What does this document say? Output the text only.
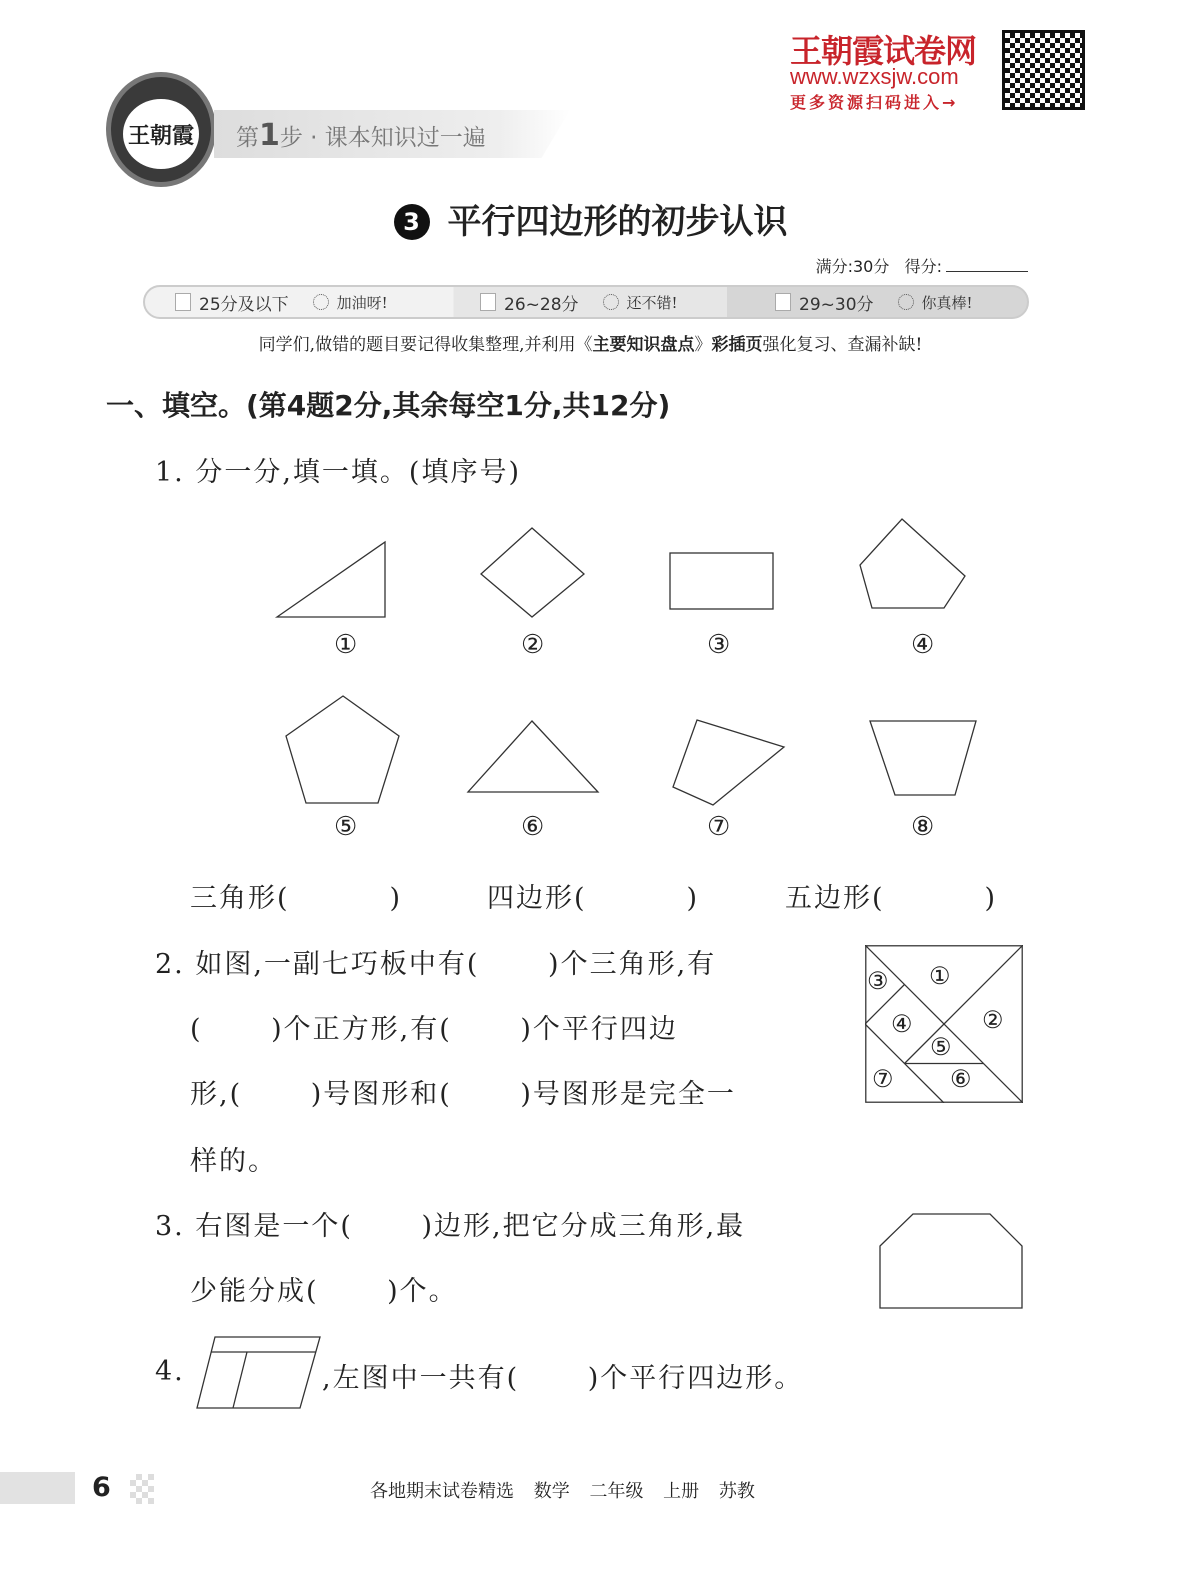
王朝霞 第1步 · 课本知识过一遍
王朝霞试卷网
www.wzxsjw.com
更多资源扫码进入→
3 平行四边形的初步认识
满分:30分 得分:
25分及以下	加油呀!	26~28分	还不错!	29~30分	你真棒!
同学们,做错的题目要记得收集整理,并利用《主要知识盘点》彩插页强化复习、查漏补缺!
一、填空。(第4题2分,其余每空1分,共12分)
1. 分一分,填一填。(填序号)
①	②	③	④
⑤	⑥	⑦	⑧
三角形(	)	四边形(	)	五边形(	)
2. 如图,一副七巧板中有(　　 )个三角形,有
(　　 )个正方形,有(　　 )个平行四边
形,(　　 )号图形和(　　 )号图形是完全一
样的。
①
②
③
④
⑤
⑥
⑦
3. 右图是一个(　　 )边形,把它分成三角形,最
少能分成(　　 )个。
4.	,左图中一共有(　　 )个平行四边形。
6	各地期末试卷精选 数学 二年级 上册 苏教
